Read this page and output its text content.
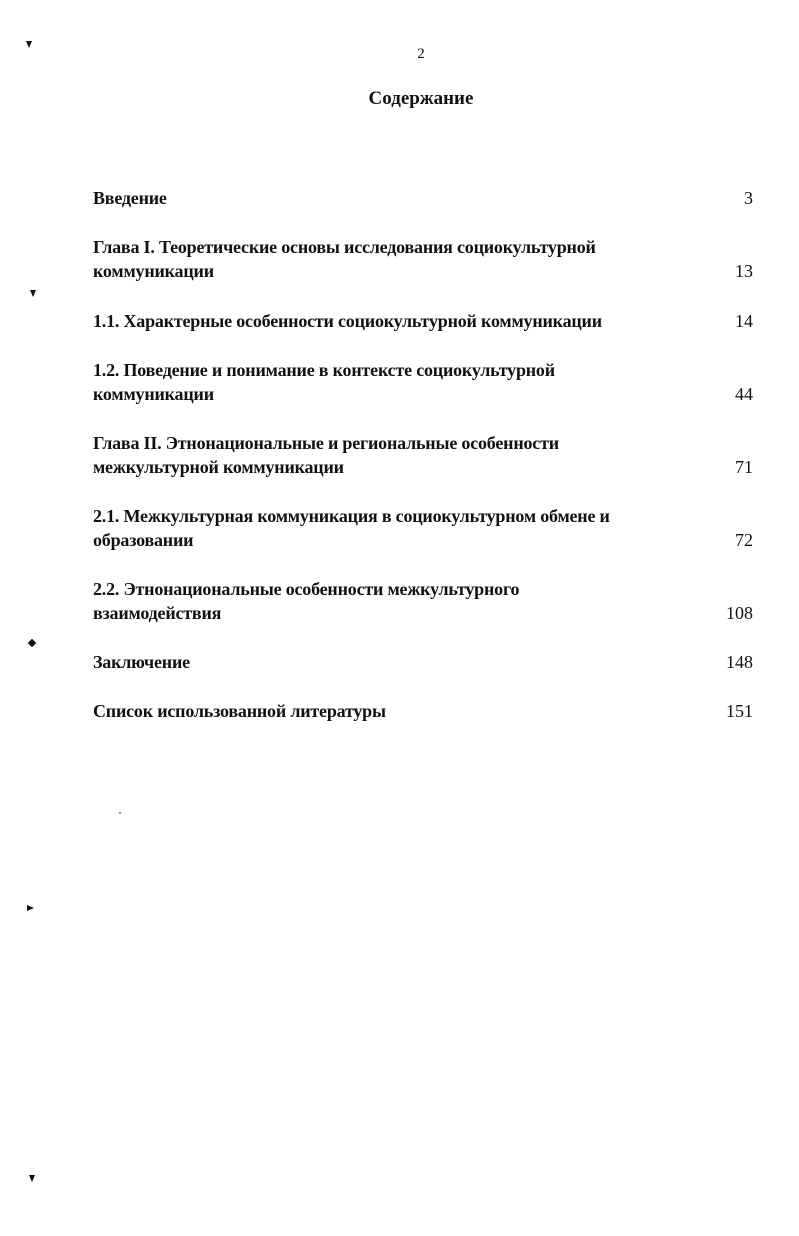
2
Содержание
Введение	3
Глава I. Теоретические основы исследования социокультурной коммуникации	13
1.1. Характерные особенности социокультурной коммуникации	14
1.2. Поведение и понимание в контексте социокультурной коммуникации	44
Глава II. Этнонациональные и региональные особенности межкультурной коммуникации	71
2.1. Межкультурная коммуникация в социокультурном обмене и образовании	72
2.2. Этнонациональные особенности межкультурного взаимодействия	108
Заключение	148
Список использованной литературы	151
